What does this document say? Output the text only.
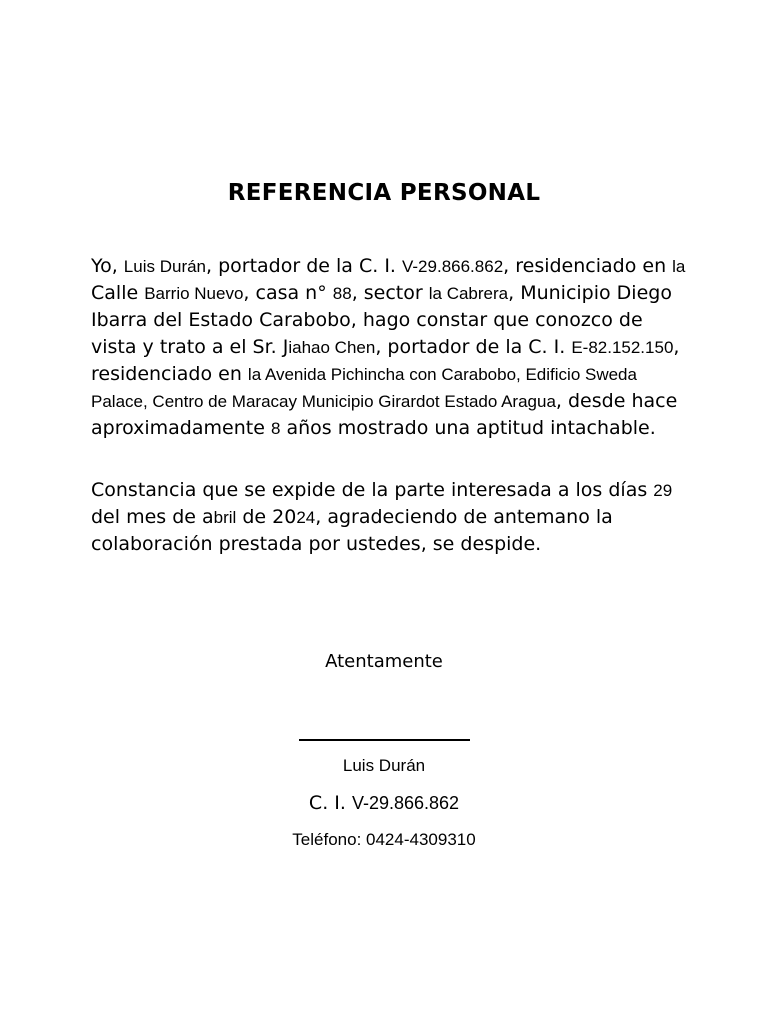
REFERENCIA PERSONAL

Yo, Luis Durán, portador de la C. I. V-29.866.862, residenciado en la Calle Barrio Nuevo, casa n° 88, sector la Cabrera, Municipio Diego Ibarra del Estado Carabobo, hago constar que conozco de vista y trato a el Sr. Jiahao Chen, portador de la C. I. E-82.152.150, residenciado en la Avenida Pichincha con Carabobo, Edificio Sweda Palace, Centro de Maracay Municipio Girardot Estado Aragua, desde hace aproximadamente 8 años mostrado una aptitud intachable.

Constancia que se expide de la parte interesada a los días 29 del mes de abril de 2024, agradeciendo de antemano la colaboración prestada por ustedes, se despide.

Atentamente
Luis Durán
C. I. V-29.866.862
Teléfono: 0424-4309310
